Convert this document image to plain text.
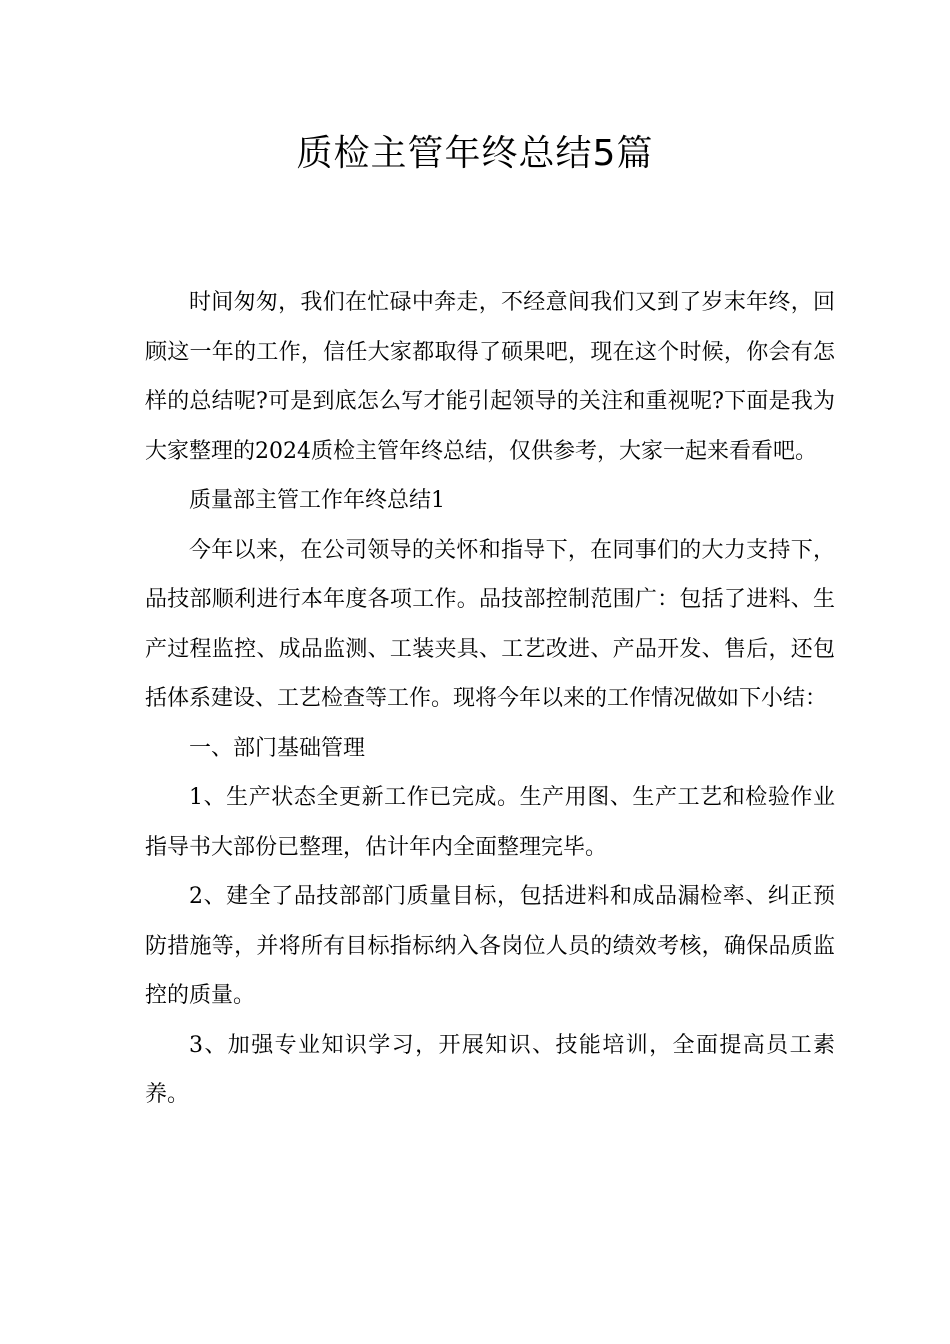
质检主管年终总结5篇

时间匆匆，我们在忙碌中奔走，不经意间我们又到了岁末年终，回顾这一年的工作，信任大家都取得了硕果吧，现在这个时候，你会有怎样的总结呢?可是到底怎么写才能引起领导的关注和重视呢?下面是我为大家整理的2024质检主管年终总结，仅供参考，大家一起来看看吧。

质量部主管工作年终总结1

今年以来，在公司领导的关怀和指导下，在同事们的大力支持下，品技部顺利进行本年度各项工作。品技部控制范围广：包括了进料、生产过程监控、成品监测、工装夹具、工艺改进、产品开发、售后，还包括体系建设、工艺检查等工作。现将今年以来的工作情况做如下小结：

一、部门基础管理

1、生产状态全更新工作已完成。生产用图、生产工艺和检验作业指导书大部份已整理，估计年内全面整理完毕。

2、建全了品技部部门质量目标，包括进料和成品漏检率、纠正预防措施等，并将所有目标指标纳入各岗位人员的绩效考核，确保品质监控的质量。

3、加强专业知识学习，开展知识、技能培训，全面提高员工素养。
